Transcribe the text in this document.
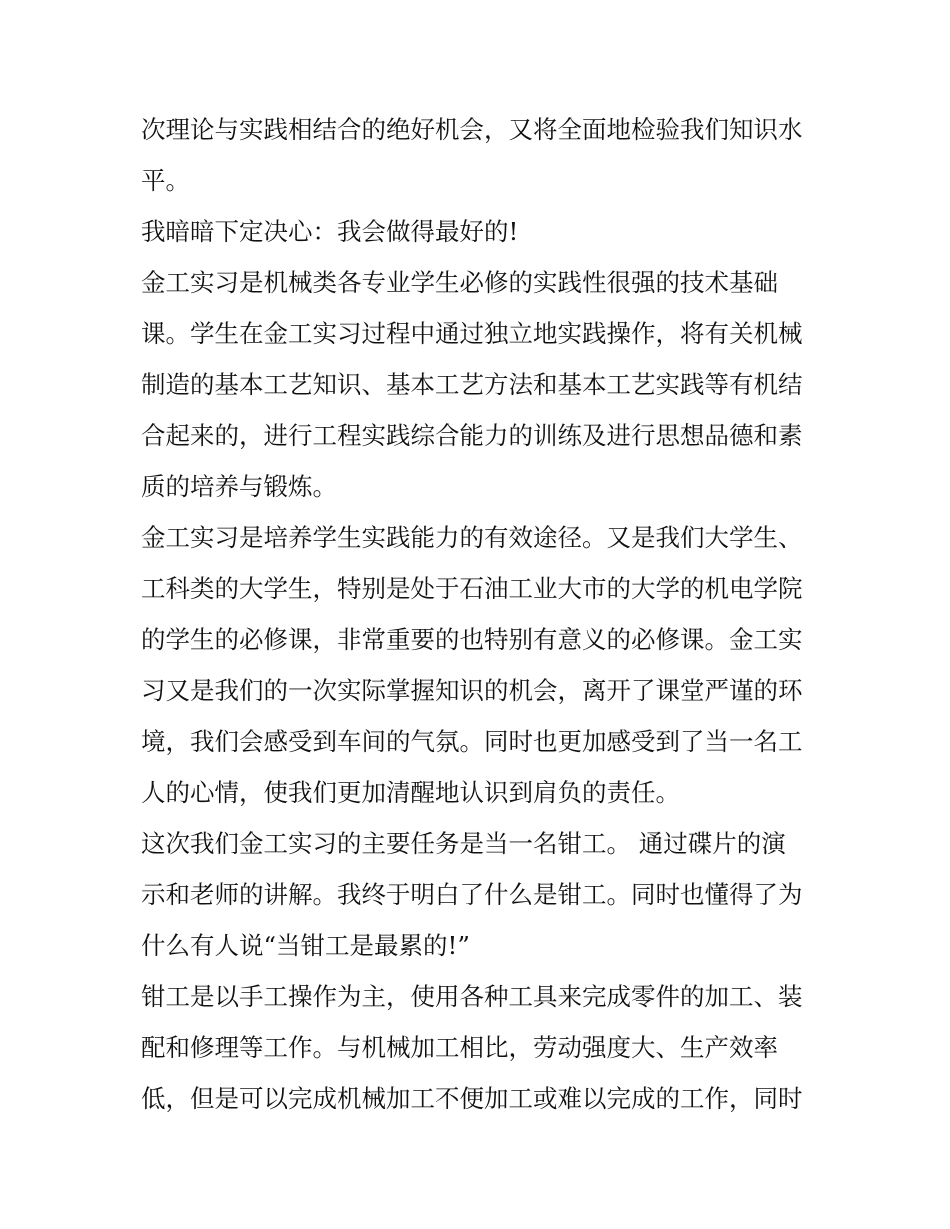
次理论与实践相结合的绝好机会，又将全面地检验我们知识水
平。
我暗暗下定决心：我会做得最好的!
金工实习是机械类各专业学生必修的实践性很强的技术基础
课。学生在金工实习过程中通过独立地实践操作，将有关机械
制造的基本工艺知识、基本工艺方法和基本工艺实践等有机结
合起来的，进行工程实践综合能力的训练及进行思想品德和素
质的培养与锻炼。
金工实习是培养学生实践能力的有效途径。又是我们大学生、
工科类的大学生，特别是处于石油工业大市的大学的机电学院
的学生的必修课，非常重要的也特别有意义的必修课。金工实
习又是我们的一次实际掌握知识的机会，离开了课堂严谨的环
境，我们会感受到车间的气氛。同时也更加感受到了当一名工
人的心情，使我们更加清醒地认识到肩负的责任。
这次我们金工实习的主要任务是当一名钳工。 通过碟片的演
示和老师的讲解。我终于明白了什么是钳工。同时也懂得了为
什么有人说“当钳工是最累的!”
钳工是以手工操作为主，使用各种工具来完成零件的加工、装
配和修理等工作。与机械加工相比，劳动强度大、生产效率
低，但是可以完成机械加工不便加工或难以完成的工作，同时
